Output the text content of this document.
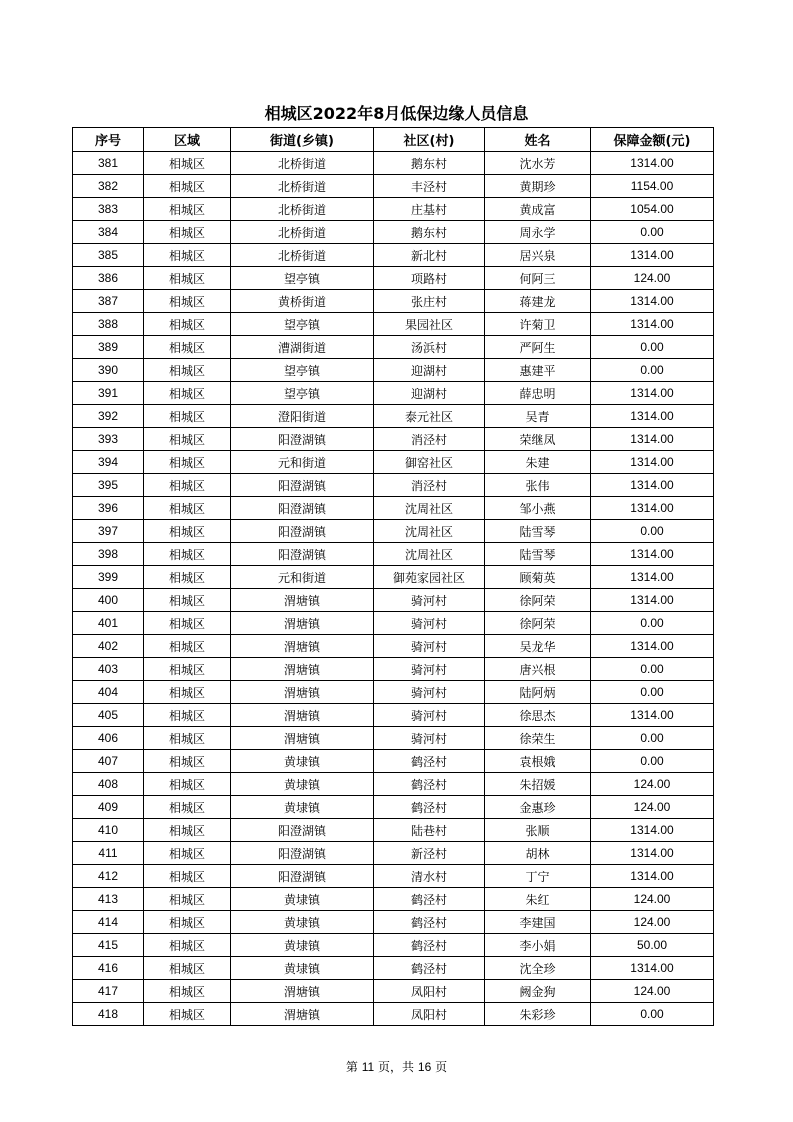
相城区2022年8月低保边缘人员信息
序号	区域	街道(乡镇)	社区(村)	姓名	保障金额(元)
381	相城区	北桥街道	鹅东村	沈水芳	1314.00
382	相城区	北桥街道	丰泾村	黄期珍	1154.00
383	相城区	北桥街道	庄基村	黄成富	1054.00
384	相城区	北桥街道	鹅东村	周永学	0.00
385	相城区	北桥街道	新北村	居兴泉	1314.00
386	相城区	望亭镇	项路村	何阿三	124.00
387	相城区	黄桥街道	张庄村	蒋建龙	1314.00
388	相城区	望亭镇	果园社区	许菊卫	1314.00
389	相城区	漕湖街道	汤浜村	严阿生	0.00
390	相城区	望亭镇	迎湖村	惠建平	0.00
391	相城区	望亭镇	迎湖村	薛忠明	1314.00
392	相城区	澄阳街道	泰元社区	吴青	1314.00
393	相城区	阳澄湖镇	消泾村	荣继凤	1314.00
394	相城区	元和街道	御窑社区	朱建	1314.00
395	相城区	阳澄湖镇	消泾村	张伟	1314.00
396	相城区	阳澄湖镇	沈周社区	邹小燕	1314.00
397	相城区	阳澄湖镇	沈周社区	陆雪琴	0.00
398	相城区	阳澄湖镇	沈周社区	陆雪琴	1314.00
399	相城区	元和街道	御苑家园社区	顾菊英	1314.00
400	相城区	渭塘镇	骑河村	徐阿荣	1314.00
401	相城区	渭塘镇	骑河村	徐阿荣	0.00
402	相城区	渭塘镇	骑河村	吴龙华	1314.00
403	相城区	渭塘镇	骑河村	唐兴根	0.00
404	相城区	渭塘镇	骑河村	陆阿炳	0.00
405	相城区	渭塘镇	骑河村	徐思杰	1314.00
406	相城区	渭塘镇	骑河村	徐荣生	0.00
407	相城区	黄埭镇	鹤泾村	袁根娥	0.00
408	相城区	黄埭镇	鹤泾村	朱招媛	124.00
409	相城区	黄埭镇	鹤泾村	金惠珍	124.00
410	相城区	阳澄湖镇	陆巷村	张顺	1314.00
411	相城区	阳澄湖镇	新泾村	胡林	1314.00
412	相城区	阳澄湖镇	清水村	丁宁	1314.00
413	相城区	黄埭镇	鹤泾村	朱红	124.00
414	相城区	黄埭镇	鹤泾村	李建国	124.00
415	相城区	黄埭镇	鹤泾村	李小娟	50.00
416	相城区	黄埭镇	鹤泾村	沈全珍	1314.00
417	相城区	渭塘镇	凤阳村	阙金狗	124.00
418	相城区	渭塘镇	凤阳村	朱彩珍	0.00
第 11 页，共 16 页
